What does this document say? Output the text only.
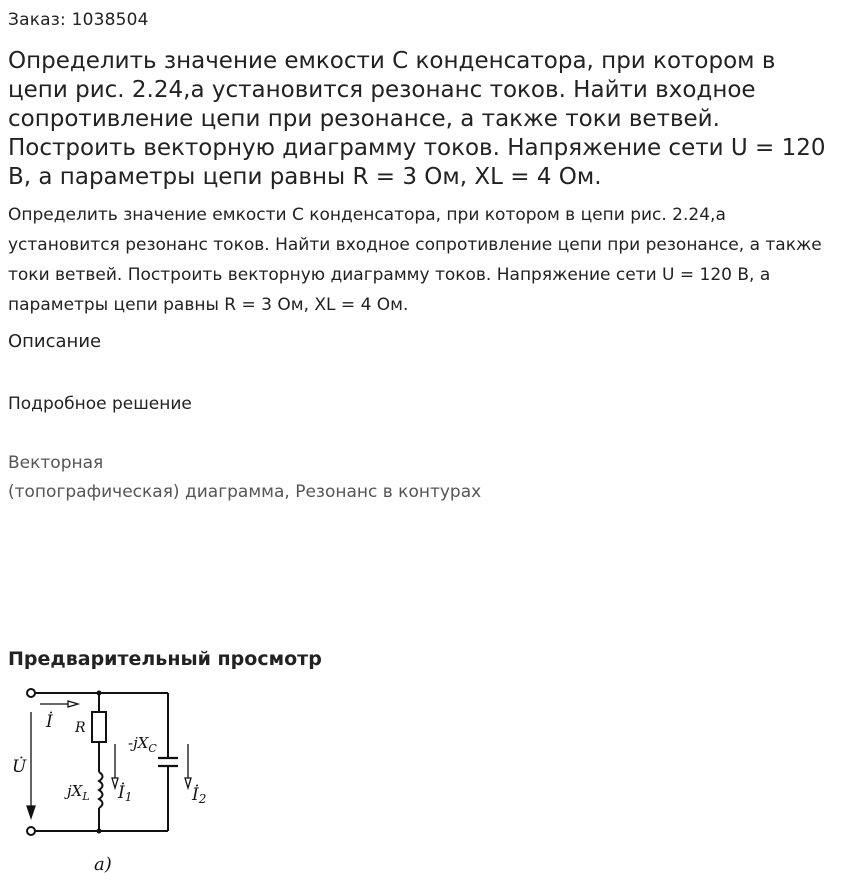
Заказ: 1038504
Определить значение емкости С конденсатора, при котором в цепи рис. 2.24,а установится резонанс токов. Найти входное сопротивление цепи при резонансе, а также токи ветвей. Построить векторную диаграмму токов. Напряжение сети U = 120 В, а параметры цепи равны R = 3 Ом, XL = 4 Ом.

Определить значение емкости С конденсатора, при котором в цепи рис. 2.24,а установится резонанс токов. Найти входное сопротивление цепи при резонансе, а также токи ветвей. Построить векторную диаграмму токов. Напряжение сети U = 120 В, а параметры цепи равны R = 3 Ом, XL = 4 Ом.

Описание
Подробное решение
Векторная
(топографическая) диаграмма, Резонанс в контурах
Предварительный просмотр
İ R
U̇
$jX_L$
$-jX_C$
İ1	İ2
а)
